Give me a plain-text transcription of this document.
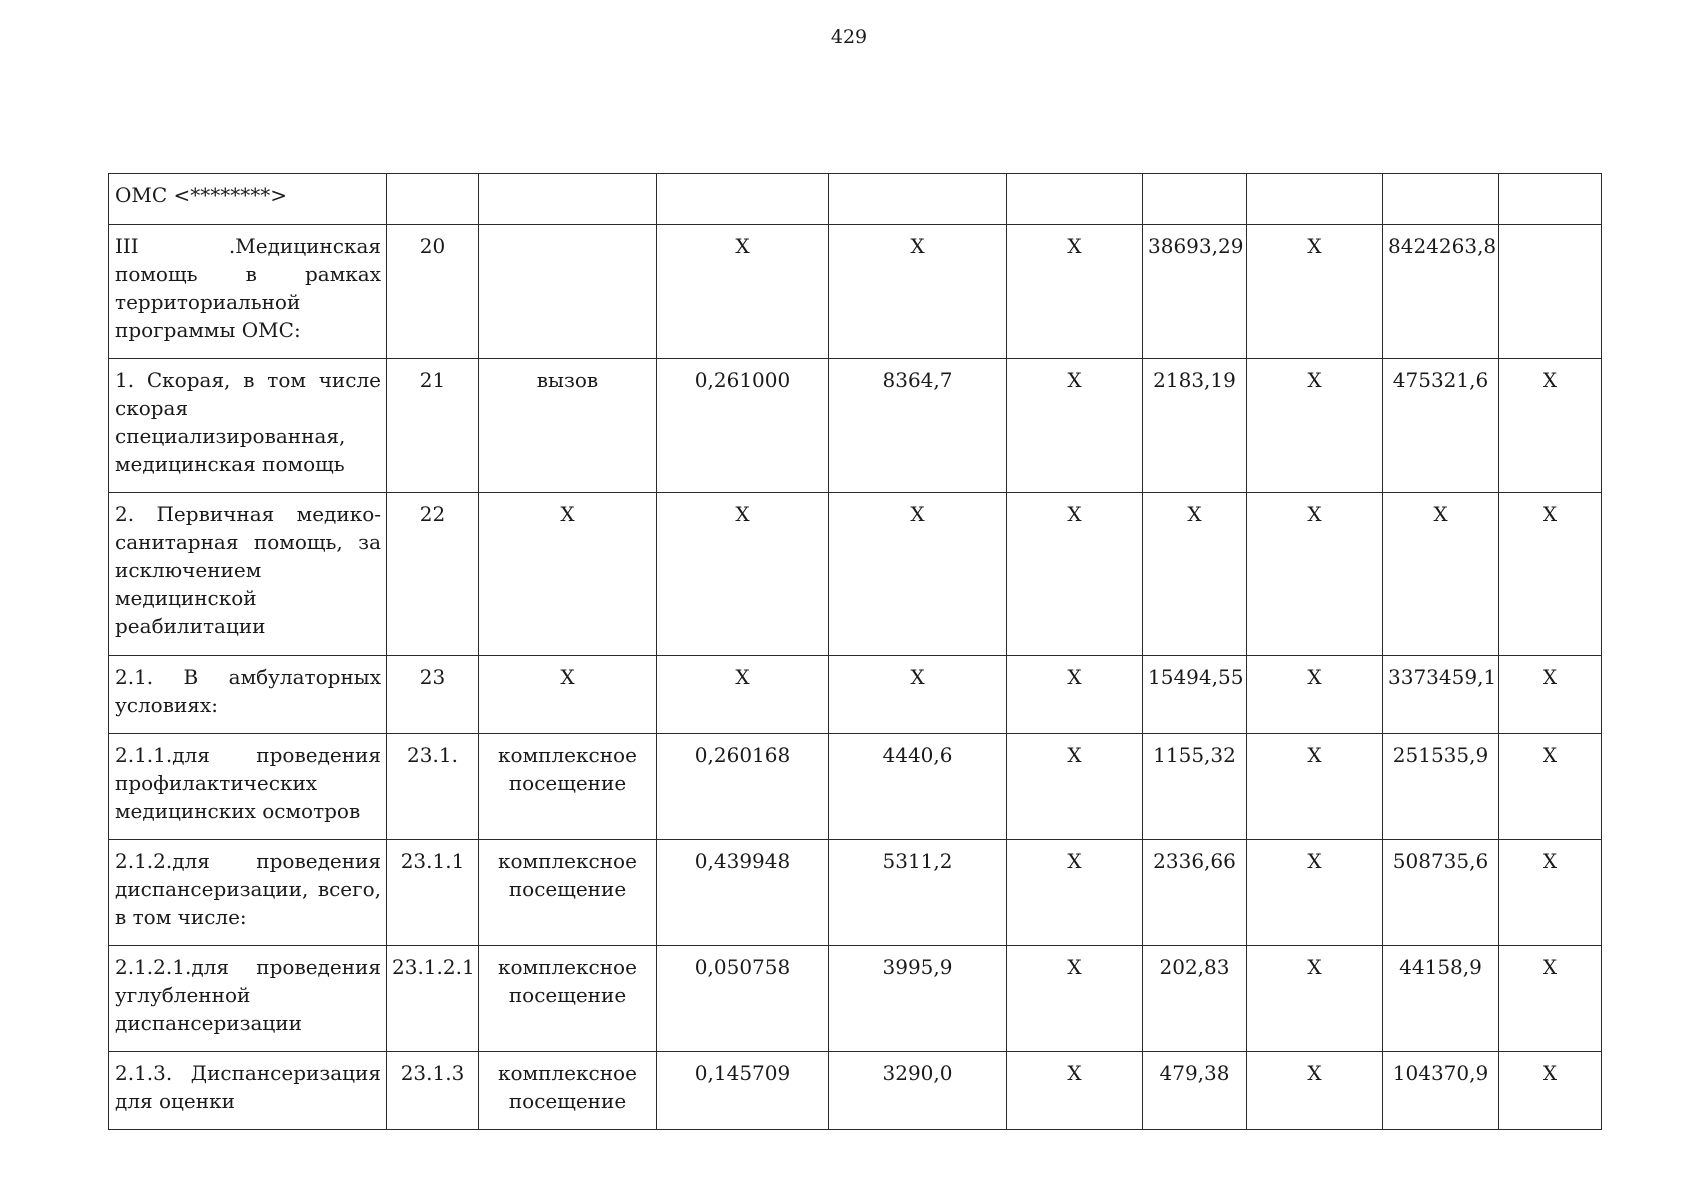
429
ОМС <********>									
III .Медицинская помощь в рамках территориальной программы ОМС:	20		X	X	X	38693,29	X	8424263,8	
1. Скорая, в том числе скорая специализированная, медицинская помощь	21	вызов	0,261000	8364,7	X	2183,19	X	475321,6	X
2. Первичная медико-санитарная помощь, за исключением медицинской реабилитации	22	X	X	X	X	X	X	X	X
2.1. В амбулаторных условиях:	23	X	X	X	X	15494,55	X	3373459,1	X
2.1.1.для проведения профилактических медицинских осмотров	23.1.	комплексное посещение	0,260168	4440,6	X	1155,32	X	251535,9	X
2.1.2.для проведения диспансеризации, всего, в том числе:	23.1.1	комплексное посещение	0,439948	5311,2	X	2336,66	X	508735,6	X
2.1.2.1.для проведения углубленной диспансеризации	23.1.2.1	комплексное посещение	0,050758	3995,9	X	202,83	X	44158,9	X
2.1.3. Диспансеризация для оценки	23.1.3	комплексное посещение	0,145709	3290,0	X	479,38	X	104370,9	X
